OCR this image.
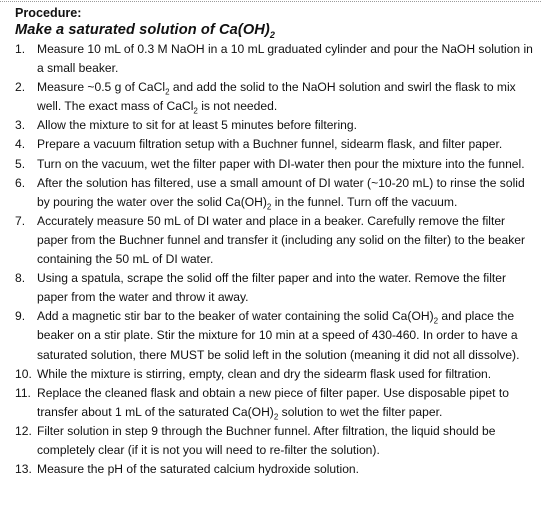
Procedure:
Make a saturated solution of $Ca(OH)_2$
1. Measure 10 mL of 0.3 M NaOH in a 10 mL graduated cylinder and pour the NaOH solution in a small beaker.
2. Measure ~0.5 g of CaCl$_2$ and add the solid to the NaOH solution and swirl the flask to mix well. The exact mass of CaCl$_2$ is not needed.
3. Allow the mixture to sit for at least 5 minutes before filtering.
4. Prepare a vacuum filtration setup with a Buchner funnel, sidearm flask, and filter paper.
5. Turn on the vacuum, wet the filter paper with DI-water then pour the mixture into the funnel.
6. After the solution has filtered, use a small amount of DI water (~10-20 mL) to rinse the solid by pouring the water over the solid $Ca(OH)_2$ in the funnel. Turn off the vacuum.
7. Accurately measure 50 mL of DI water and place in a beaker. Carefully remove the filter paper from the Buchner funnel and transfer it (including any solid on the filter) to the beaker containing the 50 mL of DI water.
8. Using a spatula, scrape the solid off the filter paper and into the water. Remove the filter paper from the water and throw it away.
9. Add a magnetic stir bar to the beaker of water containing the solid $Ca(OH)_2$ and place the beaker on a stir plate. Stir the mixture for 10 min at a speed of 430-460. In order to have a saturated solution, there MUST be solid left in the solution (meaning it did not all dissolve).
10. While the mixture is stirring, empty, clean and dry the sidearm flask used for filtration.
11. Replace the cleaned flask and obtain a new piece of filter paper. Use disposable pipet to transfer about 1 mL of the saturated $Ca(OH)_2$ solution to wet the filter paper.
12. Filter solution in step 9 through the Buchner funnel. After filtration, the liquid should be completely clear (if it is not you will need to re-filter the solution).
13. Measure the pH of the saturated calcium hydroxide solution.
